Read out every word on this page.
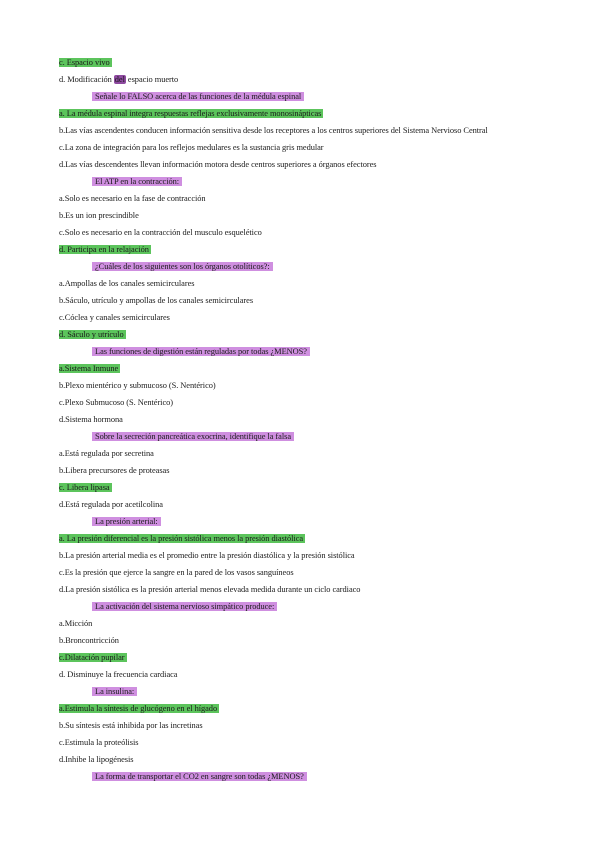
c. Espacio vivo
d. Modificación del espacio muerto
Señale lo FALSO acerca de las funciones de la médula espinal
a. La médula espinal integra respuestas reflejas exclusivamente monosinápticas
b.Las vías ascendentes conducen información sensitiva desde los receptores a los centros superiores del Sistema Nervioso Central
c.La zona de integración para los reflejos medulares es la sustancia gris medular
d.Las vías descendentes llevan información motora desde centros superiores a órganos efectores
El ATP en la contracción:
a.Solo es necesario en la fase de contracción
b.Es un ion prescindible
c.Solo es necesario en la contracción del musculo esquelético
d. Participa en la relajación
¿Cuáles de los siguientes son los órganos otolíticos?:
a.Ampollas de los canales semicirculares
b.Sáculo, utrículo y ampollas de los canales semicirculares
c.Cóclea y canales semicirculares
d. Sáculo y utrículo
Las funciones de digestión están reguladas por todas ¿MENOS?
a.Sistema Inmune
b.Plexo mientérico y submucoso (S. Nentérico)
c.Plexo Submucoso (S. Nentérico)
d.Sistema hormona
Sobre la secreción pancreática exocrina, identifique la falsa
a.Está regulada por secretina
b.Libera precursores de proteasas
c. Libera lipasa
d.Está regulada por acetilcolina
La presión arterial:
a. La presión diferencial es la presión sistólica menos la presión diastólica
b.La presión arterial media es el promedio entre la presión diastólica y la presión sistólica
c.Es la presión que ejerce la sangre en la pared de los vasos sanguíneos
d.La presión sistólica es la presión arterial menos elevada medida durante un ciclo cardiaco
La activación del sistema nervioso simpático produce:
a.Micción
b.Broncontricción
c.Dilatación pupilar
d. Disminuye la frecuencia cardiaca
La insulina:
a.Estimula la síntesis de glucógeno en el hígado
b.Su síntesis está inhibida por las incretinas
c.Estimula la proteólisis
d.Inhibe la lipogénesis
La forma de transportar el CO2 en sangre son todas ¿MENOS?
